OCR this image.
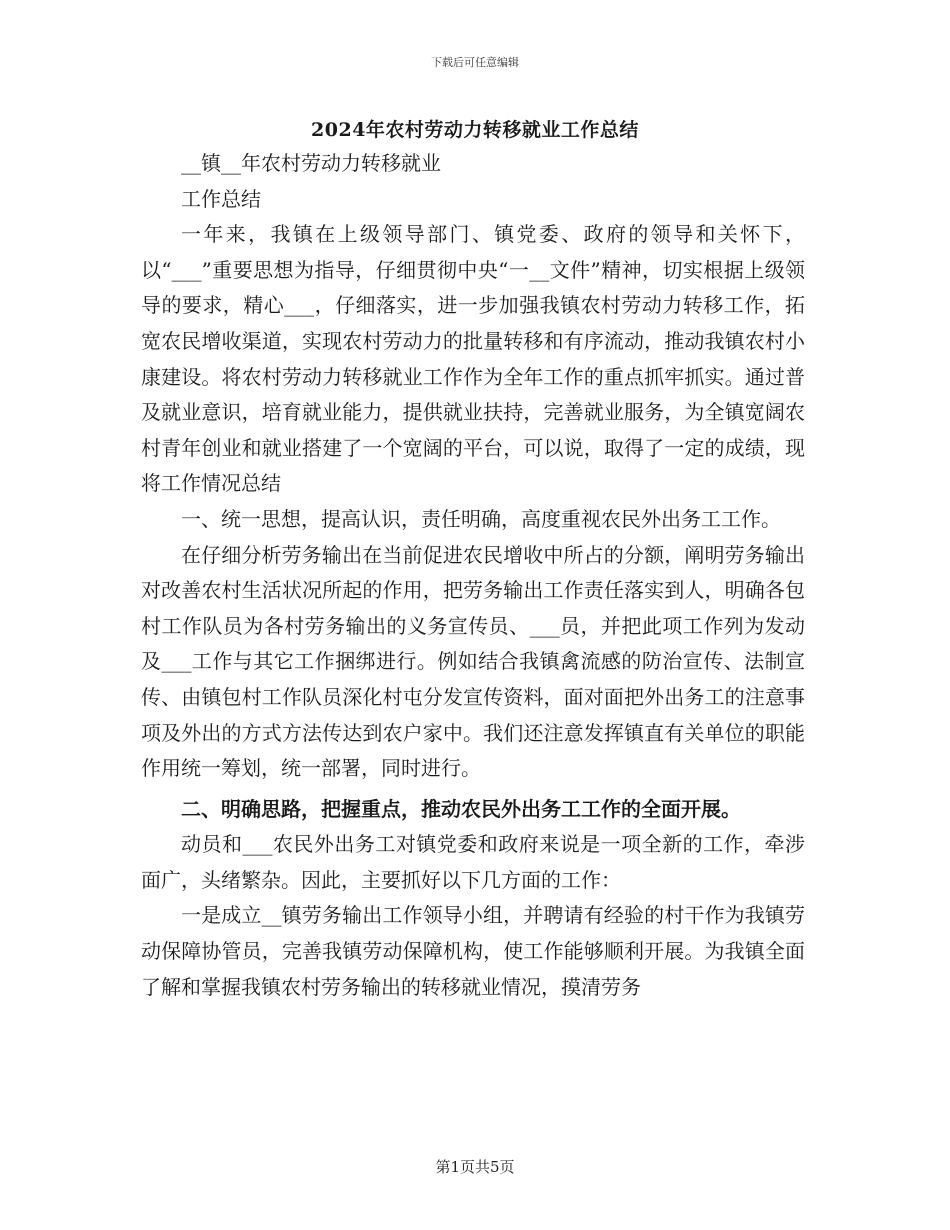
下载后可任意编辑
2024年农村劳动力转移就业工作总结

__镇__年农村劳动力转移就业

工作总结

一年来，我镇在上级领导部门、镇党委、政府的领导和关怀下，以“___”重要思想为指导，仔细贯彻中央“一__文件”精神，切实根据上级领导的要求，精心___，仔细落实，进一步加强我镇农村劳动力转移工作，拓宽农民增收渠道，实现农村劳动力的批量转移和有序流动，推动我镇农村小康建设。将农村劳动力转移就业工作作为全年工作的重点抓牢抓实。通过普及就业意识，培育就业能力，提供就业扶持，完善就业服务，为全镇宽阔农村青年创业和就业搭建了一个宽阔的平台，可以说，取得了一定的成绩，现将工作情况总结

一、统一思想，提高认识，责任明确，高度重视农民外出务工工作。

在仔细分析劳务输出在当前促进农民增收中所占的分额，阐明劳务输出对改善农村生活状况所起的作用，把劳务输出工作责任落实到人，明确各包村工作队员为各村劳务输出的义务宣传员、___员，并把此项工作列为发动及___工作与其它工作捆绑进行。例如结合我镇禽流感的防治宣传、法制宣传、由镇包村工作队员深化村屯分发宣传资料，面对面把外出务工的注意事项及外出的方式方法传达到农户家中。我们还注意发挥镇直有关单位的职能作用统一筹划，统一部署，同时进行。

二、明确思路，把握重点，推动农民外出务工工作的全面开展。

动员和___农民外出务工对镇党委和政府来说是一项全新的工作，牵涉面广，头绪繁杂。因此，主要抓好以下几方面的工作：

一是成立__镇劳务输出工作领导小组，并聘请有经验的村干作为我镇劳动保障协管员，完善我镇劳动保障机构，使工作能够顺利开展。为我镇全面了解和掌握我镇农村劳务输出的转移就业情况，摸清劳务

第1页共5页
